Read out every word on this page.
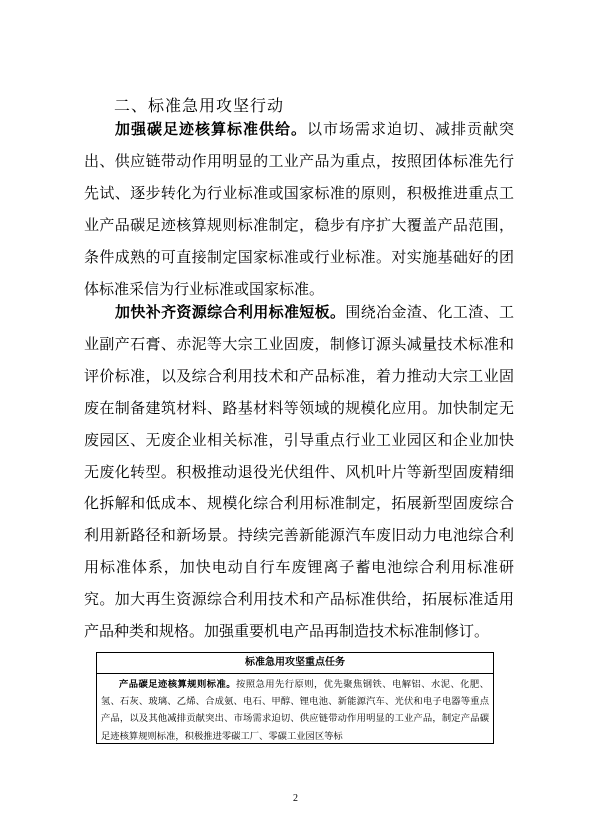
二、标准急用攻坚行动

加强碳足迹核算标准供给。以市场需求迫切、减排贡献突出、供应链带动作用明显的工业产品为重点，按照团体标准先行先试、逐步转化为行业标准或国家标准的原则，积极推进重点工业产品碳足迹核算规则标准制定，稳步有序扩大覆盖产品范围，条件成熟的可直接制定国家标准或行业标准。对实施基础好的团体标准采信为行业标准或国家标准。

加快补齐资源综合利用标准短板。围绕冶金渣、化工渣、工业副产石膏、赤泥等大宗工业固废，制修订源头减量技术标准和评价标准，以及综合利用技术和产品标准，着力推动大宗工业固废在制备建筑材料、路基材料等领域的规模化应用。加快制定无废园区、无废企业相关标准，引导重点行业工业园区和企业加快无废化转型。积极推动退役光伏组件、风机叶片等新型固废精细化拆解和低成本、规模化综合利用标准制定，拓展新型固废综合利用新路径和新场景。持续完善新能源汽车废旧动力电池综合利用标准体系，加快电动自行车废锂离子蓄电池综合利用标准研究。加大再生资源综合利用技术和产品标准供给，拓展标准适用产品种类和规格。加强重要机电产品再制造技术标准制修订。

标准急用攻坚重点任务
产品碳足迹核算规则标准。按照急用先行原则，优先聚焦钢铁、电解铝、水泥、化肥、氢、石灰、玻璃、乙烯、合成氨、电石、甲醇、锂电池、新能源汽车、光伏和电子电器等重点产品，以及其他减排贡献突出、市场需求迫切、供应链带动作用明显的工业产品，制定产品碳足迹核算规则标准，积极推进零碳工厂、零碳工业园区等标
2
